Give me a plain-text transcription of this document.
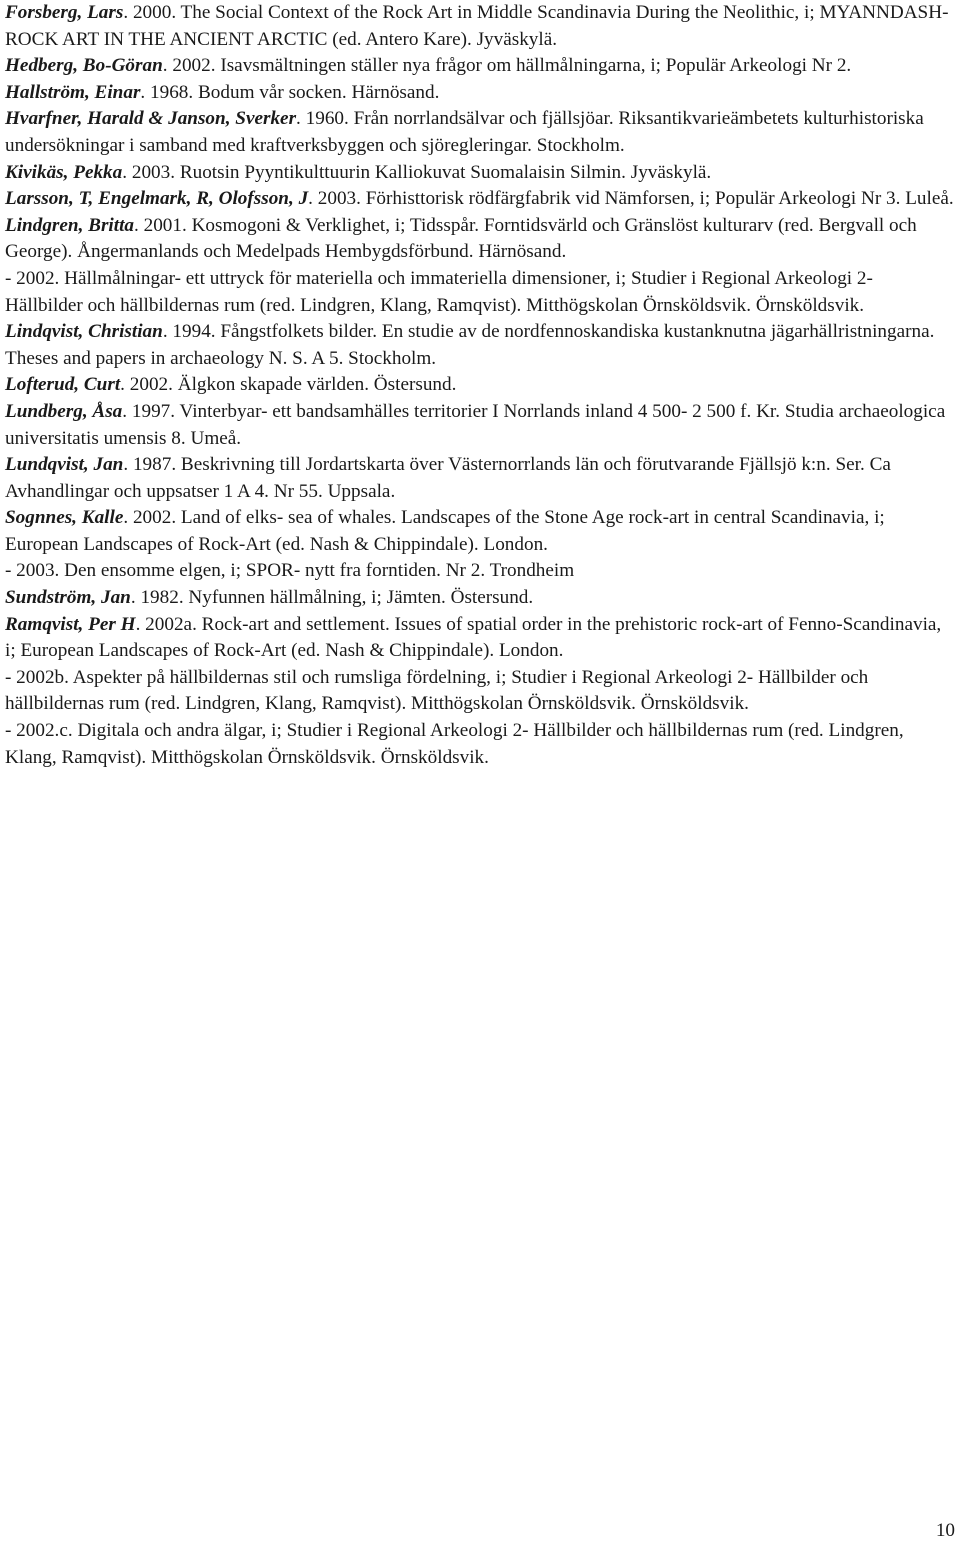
Forsberg, Lars. 2000. The Social Context of the Rock Art in Middle Scandinavia During the Neolithic, i; MYANNDASH- ROCK ART IN THE ANCIENT ARCTIC (ed. Antero Kare). Jyväskylä.
Hedberg, Bo-Göran. 2002. Isavsmältningen ställer nya frågor om hällmålningarna, i; Populär Arkeologi Nr 2.
Hallström, Einar. 1968. Bodum vår socken. Härnösand.
Hvarfner, Harald & Janson, Sverker. 1960. Från norrlandsälvar och fjällsjöar. Riksantikvarieämbetets kulturhistoriska undersökningar i samband med kraftverksbyggen och sjöregleringar. Stockholm.
Kivikäs, Pekka. 2003. Ruotsin Pyyntikulttuurin Kalliokuvat Suomalaisin Silmin. Jyväskylä.
Larsson, T, Engelmark, R, Olofsson, J. 2003. Förhisttorisk rödfärgfabrik vid Nämforsen, i; Populär Arkeologi Nr 3. Luleå.
Lindgren, Britta. 2001. Kosmogoni & Verklighet, i; Tidsspår. Forntidsvärld och Gränslöst kulturarv (red. Bergvall och George). Ångermanlands och Medelpads Hembygdsförbund. Härnösand.
- 2002. Hällmålningar- ett uttryck för materiella och immateriella dimensioner, i; Studier i Regional Arkeologi 2- Hällbilder och hällbildernas rum (red. Lindgren, Klang, Ramqvist). Mitthögskolan Örnsköldsvik. Örnsköldsvik.
Lindqvist, Christian. 1994. Fångstfolkets bilder. En studie av de nordfennoskandiska kustanknutna jägarhällristningarna. Theses and papers in archaeology N. S. A 5. Stockholm.
Lofterud, Curt. 2002. Älgkon skapade världen. Östersund.
Lundberg, Åsa. 1997. Vinterbyar- ett bandsamhälles territorier I Norrlands inland 4 500- 2 500 f. Kr. Studia archaeologica universitatis umensis 8. Umeå.
Lundqvist, Jan. 1987. Beskrivning till Jordartskarta över Västernorrlands län och förutvarande Fjällsjö k:n. Ser. Ca Avhandlingar och uppsatser 1 A 4. Nr 55. Uppsala.
Sognnes, Kalle. 2002. Land of elks- sea of whales. Landscapes of the Stone Age rock-art in central Scandinavia, i; European Landscapes of Rock-Art (ed. Nash & Chippindale). London.
- 2003. Den ensomme elgen, i; SPOR- nytt fra forntiden. Nr 2. Trondheim
Sundström, Jan. 1982. Nyfunnen hällmålning, i; Jämten. Östersund.
Ramqvist, Per H. 2002a. Rock-art and settlement. Issues of spatial order in the prehistoric rock-art of Fenno-Scandinavia, i; European Landscapes of Rock-Art (ed. Nash & Chippindale). London.
- 2002b. Aspekter på hällbildernas stil och rumsliga fördelning, i; Studier i Regional Arkeologi 2- Hällbilder och hällbildernas rum (red. Lindgren, Klang, Ramqvist). Mitthögskolan Örnsköldsvik. Örnsköldsvik.
- 2002.c. Digitala och andra älgar, i; Studier i Regional Arkeologi 2- Hällbilder och hällbildernas rum (red. Lindgren, Klang, Ramqvist). Mitthögskolan Örnsköldsvik. Örnsköldsvik.
10
